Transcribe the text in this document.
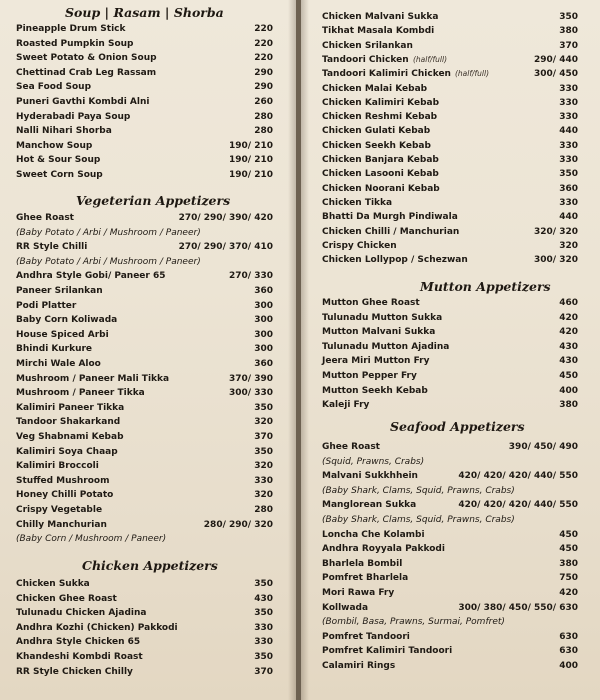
Soup | Rasam | Shorba
Vegeterian Appetizers
Chicken Appetizers
Pineapple Drum Stick	220
Roasted Pumpkin Soup	220
Sweet Potato & Onion Soup	220
Chettinad Crab Leg Rassam	290
Sea Food Soup	290
Puneri Gavthi Kombdi Alni	260
Hyderabadi Paya Soup	280
Nalli Nihari Shorba	280
Manchow Soup	190/ 210
Hot & Sour Soup	190/ 210
Sweet Corn Soup	190/ 210
Ghee Roast	270/ 290/ 390/ 420
(Baby Potato / Arbi / Mushroom / Paneer)
RR Style Chilli	270/ 290/ 370/ 410
(Baby Potato / Arbi / Mushroom / Paneer)
Andhra Style Gobi/ Paneer 65	270/ 330
Paneer Srilankan	360
Podi Platter	300
Baby Corn Koliwada	300
House Spiced Arbi	300
Bhindi Kurkure	300
Mirchi Wale Aloo	360
Mushroom / Paneer Mali Tikka	370/ 390
Mushroom / Paneer Tikka	300/ 330
Kalimiri Paneer Tikka	350
Tandoor Shakarkand	320
Veg Shabnami Kebab	370
Kalimiri Soya Chaap	350
Kalimiri Broccoli	320
Stuffed Mushroom	330
Honey Chilli Potato	320
Crispy Vegetable	280
Chilly Manchurian	280/ 290/ 320
(Baby Corn / Mushroom / Paneer)
Chicken Sukka	350
Chicken Ghee Roast	430
Tulunadu Chicken Ajadina	350
Andhra Kozhi (Chicken) Pakkodi	330
Andhra Style Chicken 65	330
Khandeshi Kombdi Roast	350
RR Style Chicken Chilly	370
Mutton Appetizers
Seafood Appetizers
Chicken Malvani Sukka	350
Tikhat Masala Kombdi	380
Chicken Srilankan	370
Tandoori Chicken (half/full)	290/ 440
Tandoori Kalimiri Chicken (half/full)	300/ 450
Chicken Malai Kebab	330
Chicken Kalimiri Kebab	330
Chicken Reshmi Kebab	330
Chicken Gulati Kebab	440
Chicken Seekh Kebab	330
Chicken Banjara Kebab	330
Chicken Lasooni Kebab	350
Chicken Noorani Kebab	360
Chicken Tikka	330
Bhatti Da Murgh Pindiwala	440
Chicken Chilli / Manchurian	320/ 320
Crispy Chicken	320
Chicken Lollypop / Schezwan	300/ 320
Mutton Ghee Roast	460
Tulunadu Mutton Sukka	420
Mutton Malvani Sukka	420
Tulunadu Mutton Ajadina	430
Jeera Miri Mutton Fry	430
Mutton Pepper Fry	450
Mutton Seekh Kebab	400
Kaleji Fry	380
Ghee Roast	390/ 450/ 490
(Squid, Prawns, Crabs)
Malvani Sukkhhein	420/ 420/ 420/ 440/ 550
(Baby Shark, Clams, Squid, Prawns, Crabs)
Manglorean Sukka	420/ 420/ 420/ 440/ 550
(Baby Shark, Clams, Squid, Prawns, Crabs)
Loncha Che Kolambi	450
Andhra Royyala Pakkodi	450
Bharlela Bombil	380
Pomfret Bharlela	750
Mori Rawa Fry	420
Kollwada	300/ 380/ 450/ 550/ 630
(Bombil, Basa, Prawns, Surmai, Pomfret)
Pomfret Tandoori	630
Pomfret Kalimiri Tandoori	630
Calamiri Rings	400
